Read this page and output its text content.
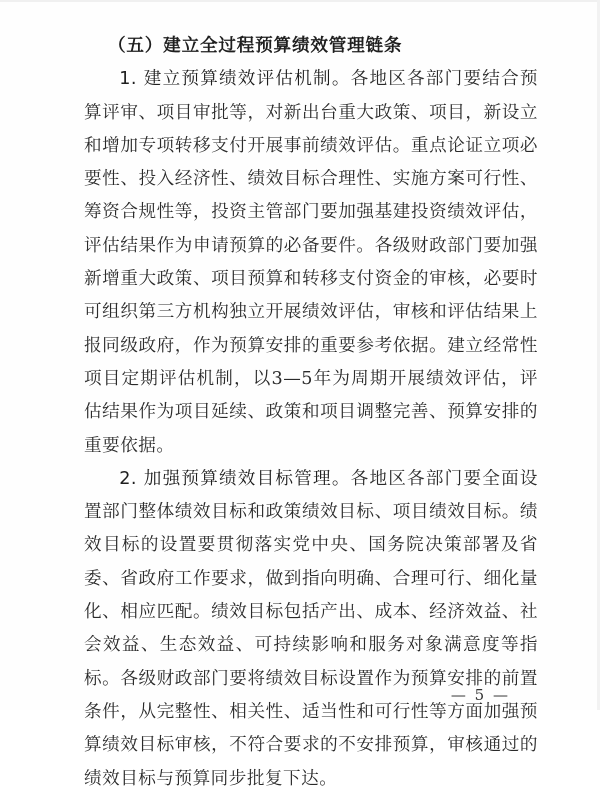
（五）建立全过程预算绩效管理链条

1. 建立预算绩效评估机制。各地区各部门要结合预算评审、项目审批等，对新出台重大政策、项目，新设立和增加专项转移支付开展事前绩效评估。重点论证立项必要性、投入经济性、绩效目标合理性、实施方案可行性、筹资合规性等，投资主管部门要加强基建投资绩效评估，评估结果作为申请预算的必备要件。各级财政部门要加强新增重大政策、项目预算和转移支付资金的审核，必要时可组织第三方机构独立开展绩效评估，审核和评估结果上报同级政府，作为预算安排的重要参考依据。建立经常性项目定期评估机制，以3—5年为周期开展绩效评估，评估结果作为项目延续、政策和项目调整完善、预算安排的重要依据。

2. 加强预算绩效目标管理。各地区各部门要全面设置部门整体绩效目标和政策绩效目标、项目绩效目标。绩效目标的设置要贯彻落实党中央、国务院决策部署及省委、省政府工作要求，做到指向明确、合理可行、细化量化、相应匹配。绩效目标包括产出、成本、经济效益、社会效益、生态效益、可持续影响和服务对象满意度等指标。各级财政部门要将绩效目标设置作为预算安排的前置条件，从完整性、相关性、适当性和可行性等方面加强预算绩效目标审核，不符合要求的不安排预算，审核通过的绩效目标与预算同步批复下达。

— 5 —
